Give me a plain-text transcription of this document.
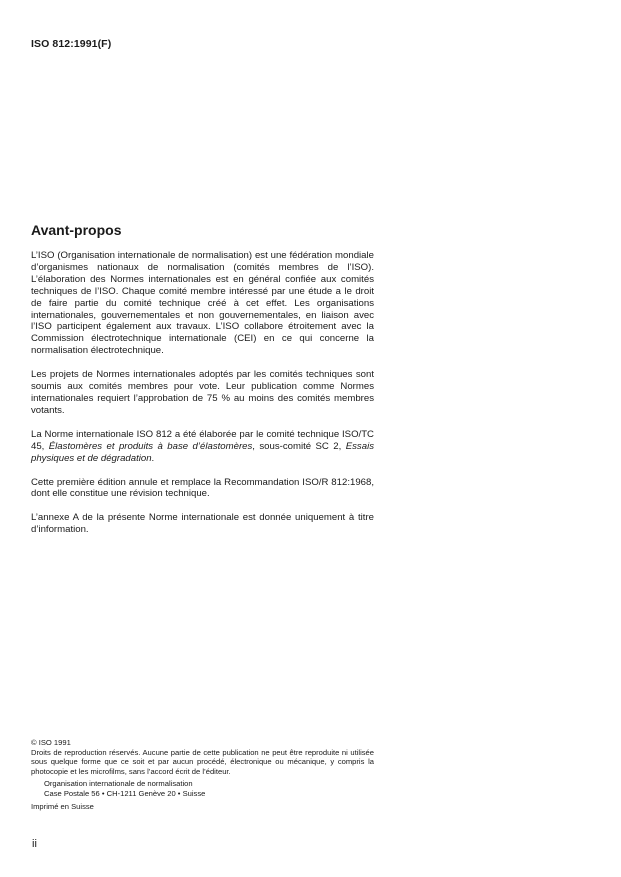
ISO 812:1991(F)
Avant-propos

L’ISO (Organisation internationale de normalisation) est une fédération mondiale d’organismes nationaux de normalisation (comités membres de l’ISO). L’élaboration des Normes internationales est en général confiée aux comités techniques de l’ISO. Chaque comité membre intéressé par une étude a le droit de faire partie du comité technique créé à cet effet. Les organisations internationales, gouvernementales et non gouvernementales, en liaison avec l’ISO participent également aux travaux. L’ISO collabore étroitement avec la Commission électrotechnique internationale (CEI) en ce qui concerne la normalisation électrotechnique.

Les projets de Normes internationales adoptés par les comités techniques sont soumis aux comités membres pour vote. Leur publication comme Normes internationales requiert l’approbation de 75 % au moins des comités membres votants.

La Norme internationale ISO 812 a été élaborée par le comité technique ISO/TC 45, Élastomères et produits à base d’élastomères, sous-comité SC 2, Essais physiques et de dégradation.

Cette première édition annule et remplace la Recommandation ISO/R 812:1968, dont elle constitue une révision technique.

L’annexe A de la présente Norme internationale est donnée uniquement à titre d’information.

© ISO 1991

Droits de reproduction réservés. Aucune partie de cette publication ne peut être reproduite ni utilisée sous quelque forme que ce soit et par aucun procédé, électronique ou mécanique, y compris la photocopie et les microfilms, sans l’accord écrit de l’éditeur.

Organisation internationale de normalisation
Case Postale 56 • CH-1211 Genève 20 • Suisse

Imprimé en Suisse

ii
